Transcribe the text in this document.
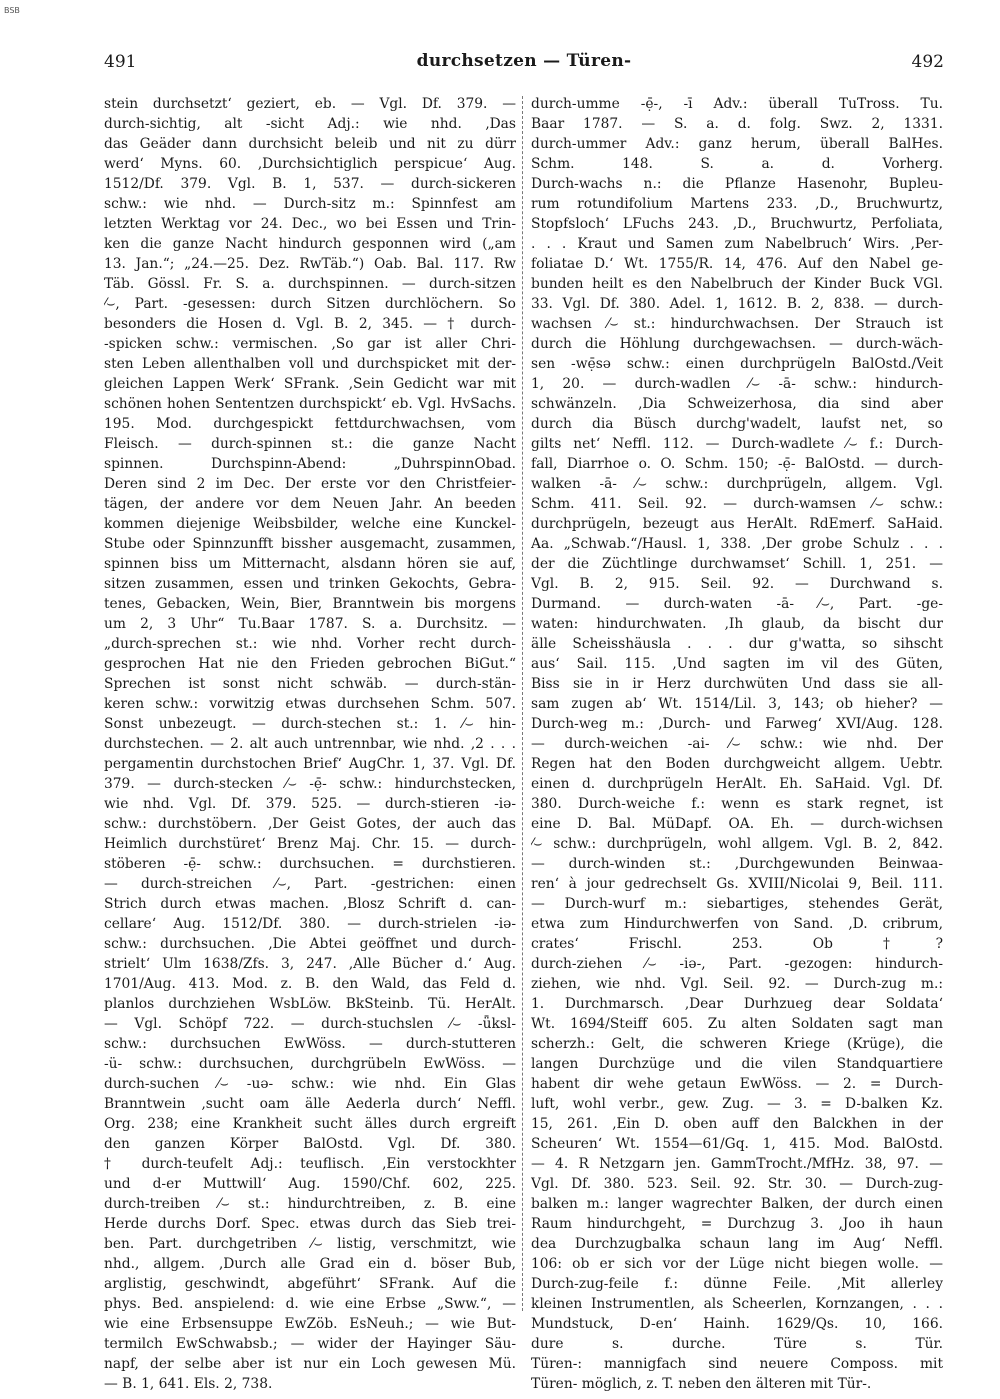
BSB
491	durchsetzen — Türen-	492
stein durchsetzt‘ geziert, eb. — Vgl. Df. 379. —
durch-sichtig, alt -sicht Adj.: wie nhd. ‚Das
das Geäder dann durchsicht beleib und nit zu dürr
werd‘ Myns. 60. ‚Durchsichtiglich perspicue‘ Aug.
1512/Df. 379. Vgl. B. 1, 537. — durch-sickeren
schw.: wie nhd. — Durch-sitz m.: Spinnfest am
letzten Werktag vor 24. Dec., wo bei Essen und Trin-
ken die ganze Nacht hindurch gesponnen wird („am
13. Jan.“; „24.—25. Dez. RwTäb.“) Oab. Bal. 117. Rw
Täb. Gössl. Fr. S. a. durchspinnen. — durch-sitzen
⁄⌣, Part. -gesessen: durch Sitzen durchlöchern. So
besonders die Hosen d. Vgl. B. 2, 345. — † durch-
-spicken schw.: vermischen. ‚So gar ist aller Chri-
sten Leben allenthalben voll und durchspicket mit der-
gleichen Lappen Werk‘ SFrank. ‚Sein Gedicht war mit
schönen hohen Sententzen durchspickt‘ eb. Vgl. HvSachs.
195. Mod. durchgespickt fettdurchwachsen, vom
Fleisch. — durch-spinnen st.: die ganze Nacht
spinnen. Durchspinn-Abend: „DuhrspinnObad.
Deren sind 2 im Dec. Der erste vor den Christfeier-
tägen, der andere vor dem Neuen Jahr. An beeden
kommen diejenige Weibsbilder, welche eine Kunckel-
Stube oder Spinnzunfft bissher ausgemacht, zusammen,
spinnen biss um Mitternacht, alsdann hören sie auf,
sitzen zusammen, essen und trinken Gekochts, Gebra-
tenes, Gebacken, Wein, Bier, Branntwein bis morgens
um 2, 3 Uhr“ Tu.Baar 1787. S. a. Durchsitz. —
„durch-sprechen st.: wie nhd. Vorher recht durch-
gesprochen Hat nie den Frieden gebrochen BiGut.“
Sprechen ist sonst nicht schwäb. — durch-stän-
keren schw.: vorwitzig etwas durchsehen Schm. 507.
Sonst unbezeugt. — durch-stechen st.: 1. ⁄⌣ hin-
durchstechen. — 2. alt auch untrennbar, wie nhd. ‚2 . . .
pergamentin durchstochen Brief‘ AugChr. 1, 37. Vgl. Df.
379. — durch-stecken ⁄⌣ -ẹ̄- schw.: hindurchstecken,
wie nhd. Vgl. Df. 379. 525. — durch-stieren -iə-
schw.: durchstöbern. ‚Der Geist Gotes, der auch das
Heimlich durchstüret‘ Brenz Maj. Chr. 15. — durch-
stöberen -ẹ̄- schw.: durchsuchen. = durchstieren.
— durch-streichen ⁄⌣, Part. -gestrichen: einen
Strich durch etwas machen. ‚Blosz Schrift d. can-
cellare‘ Aug. 1512/Df. 380. — durch-strielen -iə-
schw.: durchsuchen. ‚Die Abtei geöffnet und durch-
strielt‘ Ulm 1638/Zfs. 3, 247. ‚Alle Bücher d.‘ Aug.
1701/Aug. 413. Mod. z. B. den Wald, das Feld d.
planlos durchziehen WsbLöw. BkSteinb. Tü. HerAlt.
— Vgl. Schöpf 722. — durch-stuchslen ⁄⌣ -ǖksl-
schw.: durchsuchen EwWöss. — durch-stutteren
-ü- schw.: durchsuchen, durchgrübeln EwWöss. —
durch-suchen ⁄⌣ -uə- schw.: wie nhd. Ein Glas
Branntwein ‚sucht oam älle Aederla durch‘ Neffl.
Org. 238; eine Krankheit sucht älles durch ergreift
den ganzen Körper BalOstd. Vgl. Df. 380.
† durch-teufelt Adj.: teuflisch. ‚Ein verstockhter
und d-er Muttwill‘ Aug. 1590/Chf. 602, 225.
durch-treiben ⁄⌣ st.: hindurchtreiben, z. B. eine
Herde durchs Dorf. Spec. etwas durch das Sieb trei-
ben. Part. durchgetriben ⁄⌣ listig, verschmitzt, wie
nhd., allgem. ‚Durch alle Grad ein d. böser Bub,
arglistig, geschwindt, abgeführt‘ SFrank. Auf die
phys. Bed. anspielend: d. wie eine Erbse „Sww.“, —
wie eine Erbsensuppe EwZöb. EsNeuh.; — wie But-
termilch EwSchwabsb.; — wider der Hayinger Säu-
napf, der selbe aber ist nur ein Loch gewesen Mü.
— B. 1, 641. Els. 2, 738.
durch-umme -ẹ̄-, -ī Adv.: überall TuTross. Tu.
Baar 1787. — S. a. d. folg. Swz. 2, 1331.
durch-ummer Adv.: ganz herum, überall BalHes.
Schm. 148. S. a. d. Vorherg.
Durch-wachs n.: die Pflanze Hasenohr, Bupleu-
rum rotundifolium Martens 233. ‚D., Bruchwurtz,
Stopfsloch‘ LFuchs 243. ‚D., Bruchwurtz, Perfoliata,
. . . Kraut und Samen zum Nabelbruch‘ Wirs. ‚Per-
foliatae D.‘ Wt. 1755/R. 14, 476. Auf den Nabel ge-
bunden heilt es den Nabelbruch der Kinder Buck VGl.
33. Vgl. Df. 380. Adel. 1, 1612. B. 2, 838. — durch-
wachsen ⁄⌣ st.: hindurchwachsen. Der Strauch ist
durch die Höhlung durchgewachsen. — durch-wäch-
sen -wẹ̄sə schw.: einen durchprügeln BalOstd./Veit
1, 20. — durch-wadlen ⁄⌣ -ā- schw.: hindurch-
schwänzeln. ‚Dia Schweizerhosa, dia sind aber
durch dia Büsch durchg'wadelt, laufst net, so
gilts net‘ Neffl. 112. — Durch-wadlete ⁄⌣ f.: Durch-
fall, Diarrhoe o. O. Schm. 150; -ẹ̄- BalOstd. — durch-
walken -ā- ⁄⌣ schw.: durchprügeln, allgem. Vgl.
Schm. 411. Seil. 92. — durch-wamsen ⁄⌣ schw.:
durchprügeln, bezeugt aus HerAlt. RdEmerf. SaHaid.
Aa. „Schwab.“/Hausl. 1, 338. ‚Der grobe Schulz . . .
der die Züchtlinge durchwamset‘ Schill. 1, 251. —
Vgl. B. 2, 915. Seil. 92. — Durchwand s.
Durmand. — durch-waten -ā- ⁄⌣, Part. -ge-
waten: hindurchwaten. ‚Ih glaub, da bischt dur
älle Scheisshäusla . . . dur g'watta, so sihscht
aus‘ Sail. 115. ‚Und sagten im vil des Güten,
Biss sie in ir Herz durchwüten Und dass sie all-
sam zugen ab‘ Wt. 1514/Lil. 3, 143; ob hieher? —
Durch-weg m.: ‚Durch- und Farweg‘ XVI/Aug. 128.
— durch-weichen -ai- ⁄⌣ schw.: wie nhd. Der
Regen hat den Boden durchgweicht allgem. Uebtr.
einen d. durchprügeln HerAlt. Eh. SaHaid. Vgl. Df.
380. Durch-weiche f.: wenn es stark regnet, ist
eine D. Bal. MüDapf. OA. Eh. — durch-wichsen
⁄⌣ schw.: durchprügeln, wohl allgem. Vgl. B. 2, 842.
— durch-winden st.: ‚Durchgewunden Beinwaa-
ren‘ à jour gedrechselt Gs. XVIII/Nicolai 9, Beil. 111.
— Durch-wurf m.: siebartiges, stehendes Gerät,
etwa zum Hindurchwerfen von Sand. ‚D. cribrum,
crates‘ Frischl. 253. Ob †?
durch-ziehen ⁄⌣ -iə-, Part. -gezogen: hindurch-
ziehen, wie nhd. Vgl. Seil. 92. — Durch-zug m.:
1. Durchmarsch. ‚Dear Durhzueg dear Soldata‘
Wt. 1694/Steiff 605. Zu alten Soldaten sagt man
scherzh.: Gelt, die schweren Kriege (Krüge), die
langen Durchzüge und die vilen Standquartiere
habent dir wehe getaun EwWöss. — 2. = Durch-
luft, wohl verbr., gew. Zug. — 3. = D-balken Kz.
15, 261. ‚Ein D. oben auff den Balckhen in der
Scheuren‘ Wt. 1554—61/Gq. 1, 415. Mod. BalOstd.
— 4. R Netzgarn jen. GammTrocht./MfHz. 38, 97. —
Vgl. Df. 380. 523. Seil. 92. Str. 30. — Durch-zug-
balken m.: langer wagrechter Balken, der durch einen
Raum hindurchgeht, = Durchzug 3. ‚Joo ih haun
dea Durchzugbalka schaun lang im Aug‘ Neffl.
106: ob er sich vor der Lüge nicht biegen wolle. —
Durch-zug-feile f.: dünne Feile. ‚Mit allerley
kleinen Instrumentlen, als Scheerlen, Kornzangen, . . .
Mundstuck, D-en‘ Hainh. 1629/Qs. 10, 166.
dure s. durche. Türe s. Tür.
Türen-: mannigfach sind neuere Composs. mit
Türen- möglich, z. T. neben den älteren mit Tür-.
